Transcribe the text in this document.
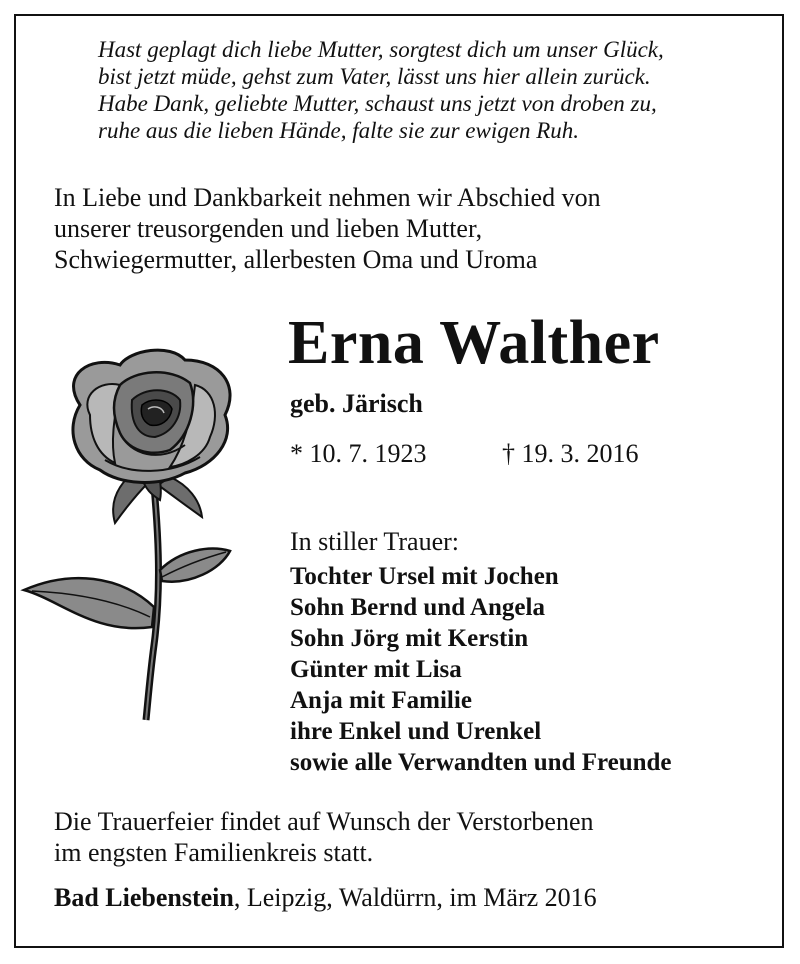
Hast geplagt dich liebe Mutter, sorgtest dich um unser Glück,
bist jetzt müde, gehst zum Vater, lässt uns hier allein zurück.
Habe Dank, geliebte Mutter, schaust uns jetzt von droben zu,
ruhe aus die lieben Hände, falte sie zur ewigen Ruh.
In Liebe und Dankbarkeit nehmen wir Abschied von
unserer treusorgenden und lieben Mutter,
Schwiegermutter, allerbesten Oma und Uroma
Erna Walther
geb. Järisch
* 10. 7. 1923	† 19. 3. 2016
In stiller Trauer:
Tochter Ursel mit Jochen
Sohn Bernd und Angela
Sohn Jörg mit Kerstin
Günter mit Lisa
Anja mit Familie
ihre Enkel und Urenkel
sowie alle Verwandten und Freunde
Die Trauerfeier findet auf Wunsch der Verstorbenen
im engsten Familienkreis statt.
Bad Liebenstein, Leipzig, Waldürrn, im März 2016
